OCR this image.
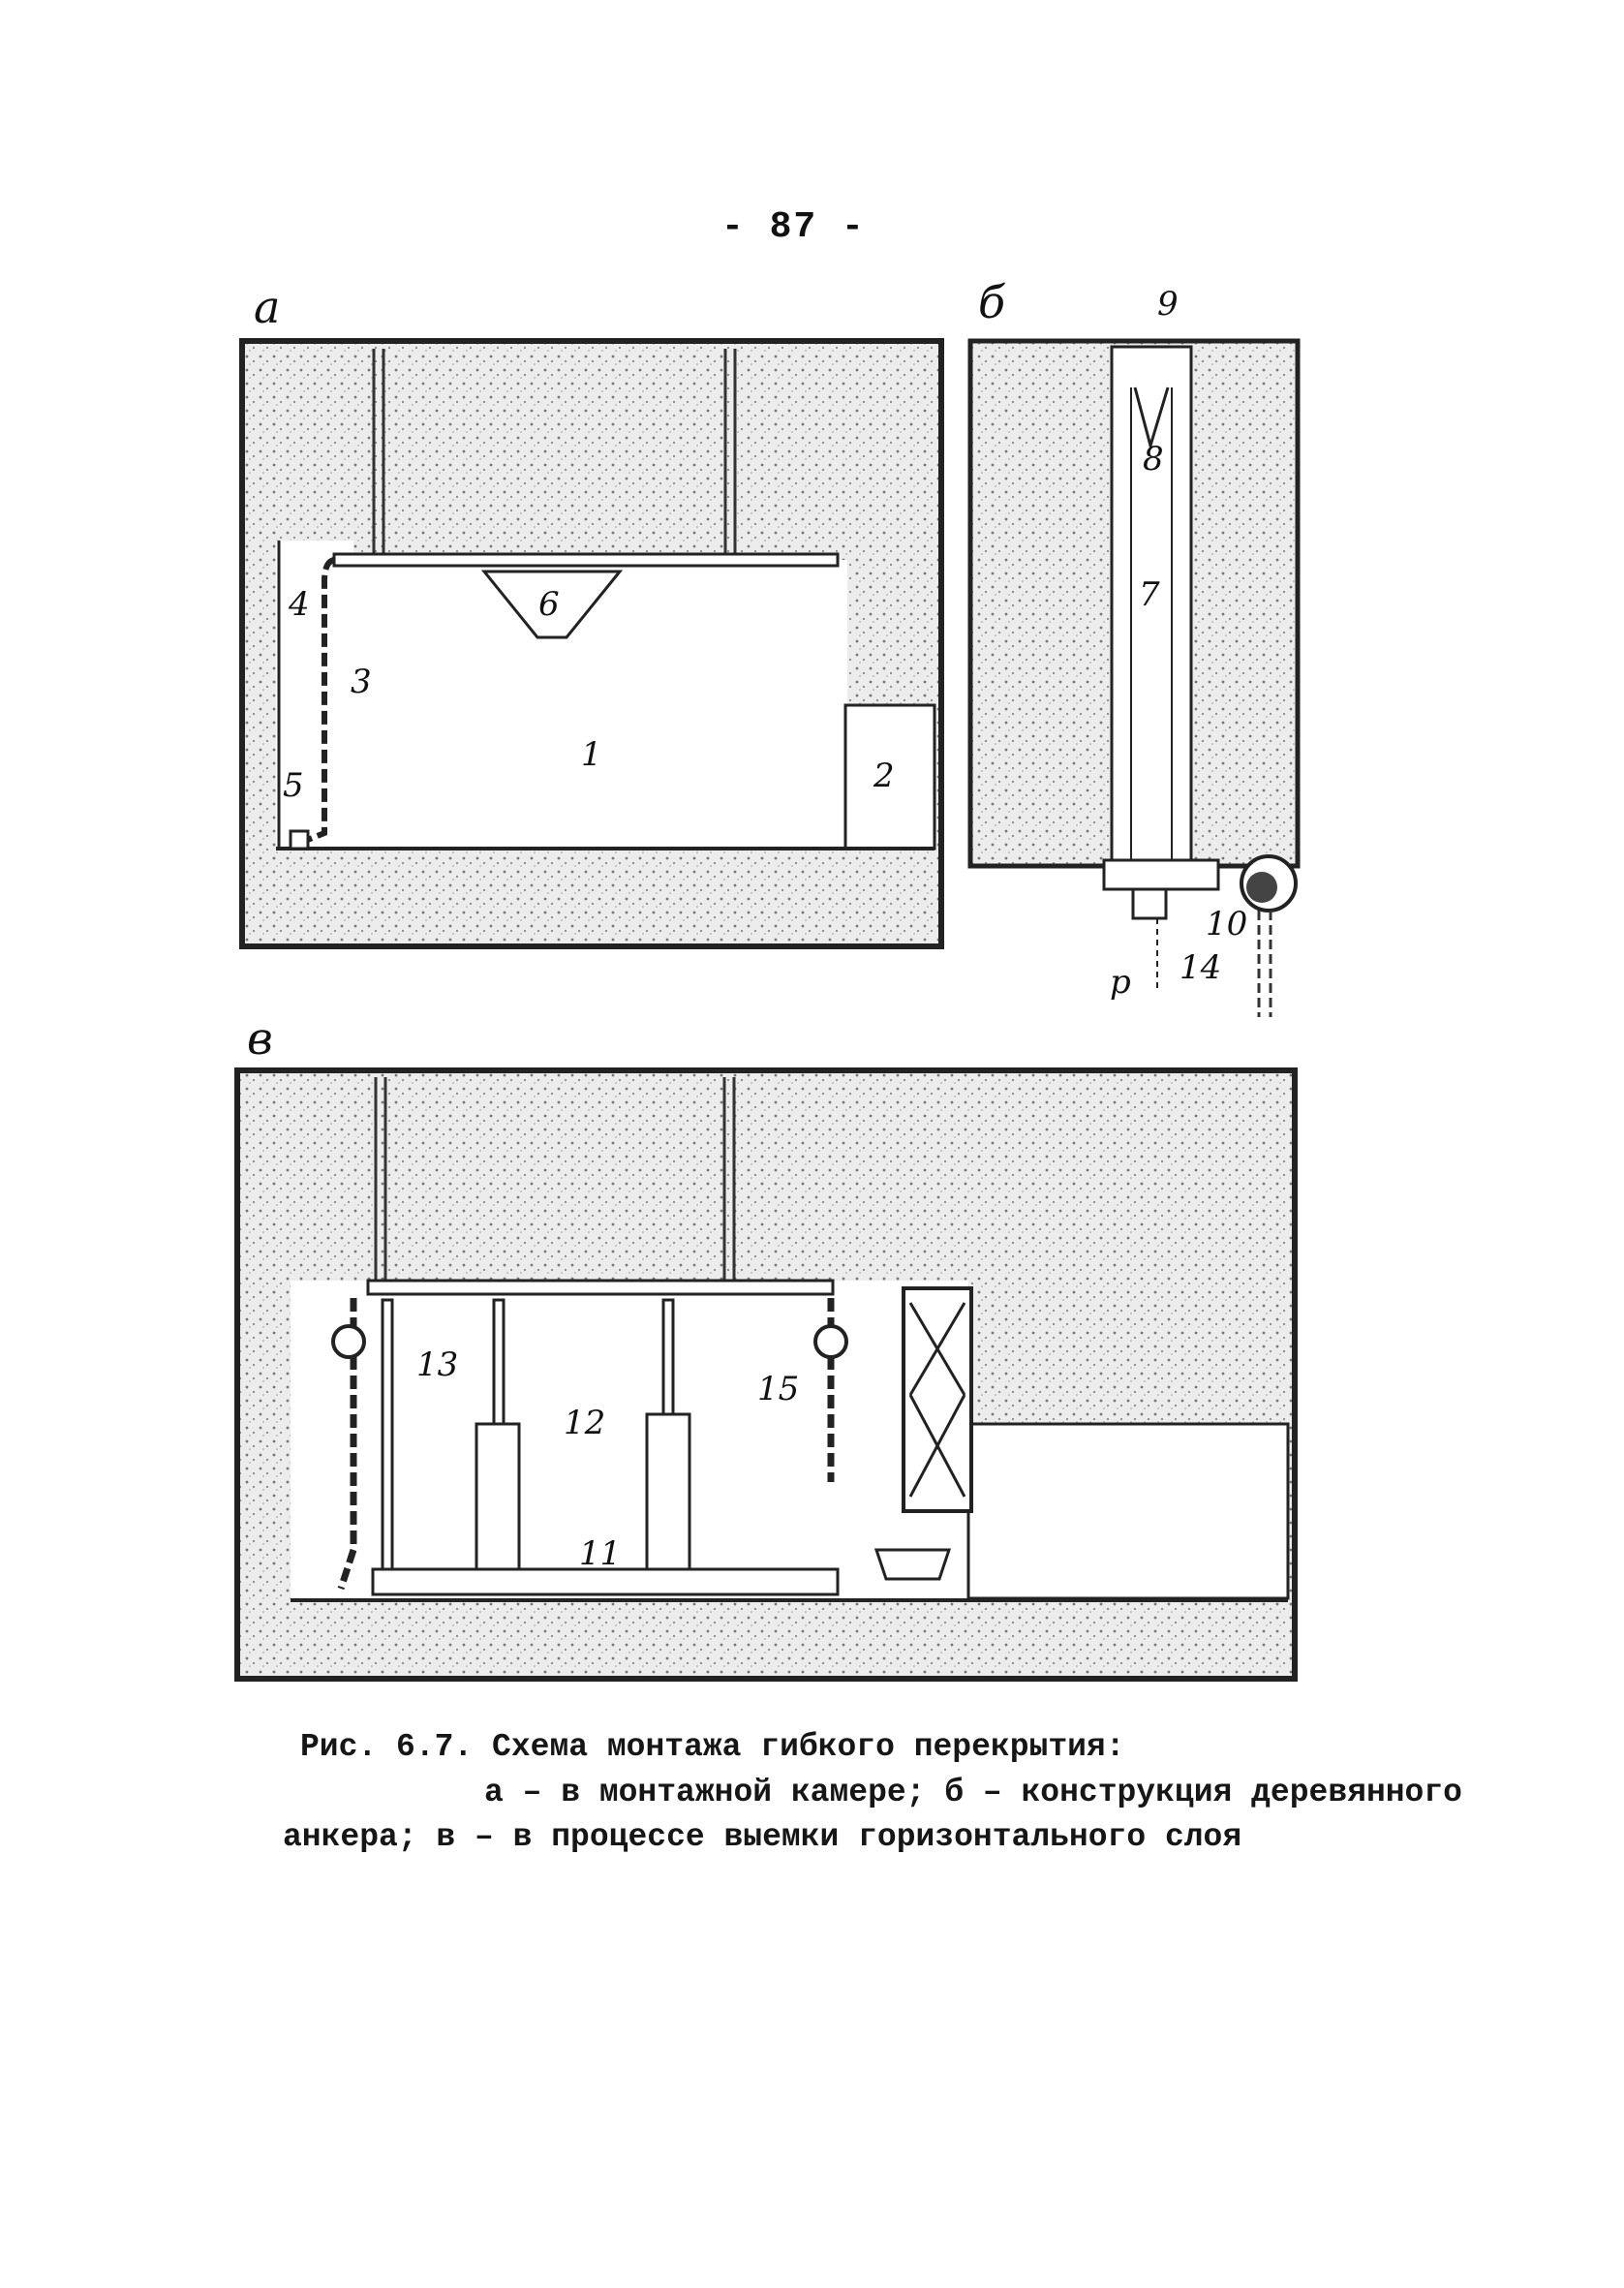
- 87 -
а	б
в
4
3
5
6
1
2
9
8
7
10
14
р
13
12
15
11
Рис. 6.7. Схема монтажа гибкого перекрытия:
а – в монтажной камере; б – конструкция деревянного
анкера; в – в процессе выемки горизонтального слоя
